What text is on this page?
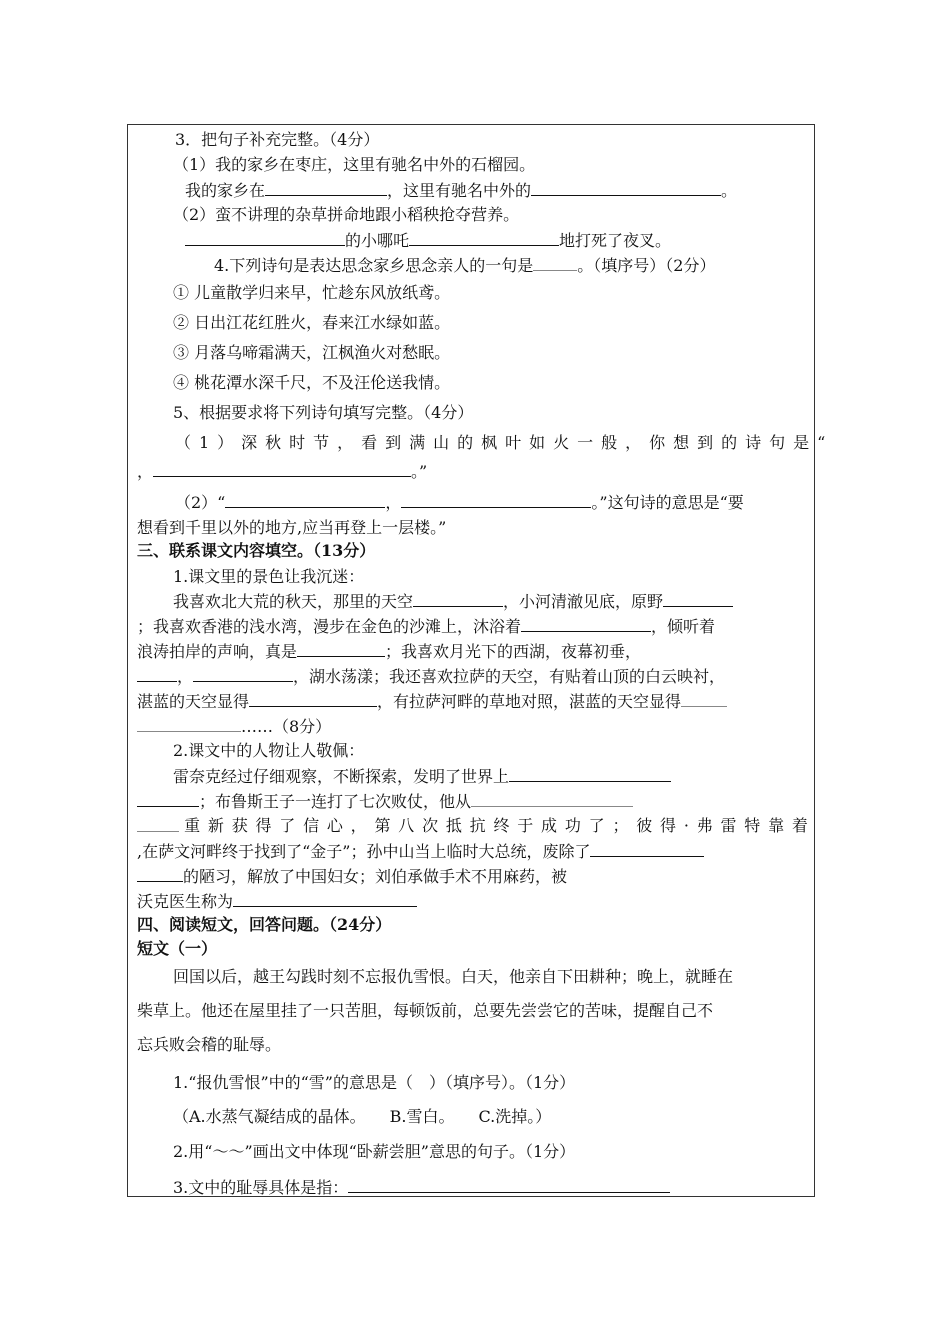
3．把句子补充完整。（4分）
（1）我的家乡在枣庄，这里有驰名中外的石榴园。
我的家乡在	，这里有驰名中外的	。
（2）蛮不讲理的杂草拼命地跟小稻秧抢夺营养。
的小哪吒	地打死了夜叉。
4.下列诗句是表达思念家乡思念亲人的一句是	。（填序号）（2分）
① 儿童散学归来早，忙趁东风放纸鸢。
② 日出江花红胜火，春来江水绿如蓝。
③ 月落乌啼霜满天，江枫渔火对愁眠。
④ 桃花潭水深千尺，不及汪伦送我情。
5、根据要求将下列诗句填写完整。（4分）
（1）深秋时节，看到满山的枫叶如火一般，你想到的诗句是“
，	。”
（2）“	，	。”这句诗的意思是“要
想看到千里以外的地方,应当再登上一层楼。”
三、联系课文内容填空。（13分）
1.课文里的景色让我沉迷：
我喜欢北大荒的秋天，那里的天空	，小河清澈见底，原野
；我喜欢香港的浅水湾，漫步在金色的沙滩上，沐浴着	，倾听着
浪涛拍岸的声响，真是	；我喜欢月光下的西湖，夜幕初垂，
，	，湖水荡漾；我还喜欢拉萨的天空，有贴着山顶的白云映衬，
湛蓝的天空显得	，有拉萨河畔的草地对照，湛蓝的天空显得
……（8分）
2.课文中的人物让人敬佩：
雷奈克经过仔细观察，不断探索，发明了世界上
；布鲁斯王子一连打了七次败仗，他从

重 新 获 得 了 信 心 ， 第 八 次 抵 抗 终 于 成 功 了 ； 彼 得 · 弗 雷 特 靠 着
,在萨文河畔终于找到了“金子”；孙中山当上临时大总统，废除了
的陋习，解放了中国妇女；刘伯承做手术不用麻药，被
沃克医生称为
四、阅读短文，回答问题。（24分）
短文（一）
回国以后，越王勾践时刻不忘报仇雪恨。白天，他亲自下田耕种；晚上，就睡在
柴草上。他还在屋里挂了一只苦胆，每顿饭前，总要先尝尝它的苦味，提醒自己不
忘兵败会稽的耻辱。
1.“报仇雪恨”中的“雪”的意思是（　）（填序号）。（1分）
（A.水蒸气凝结成的晶体。　　B.雪白。　　C.洗掉。）
2.用“～～”画出文中体现“卧薪尝胆”意思的句子。（1分）
3.文中的耻辱具体是指：
